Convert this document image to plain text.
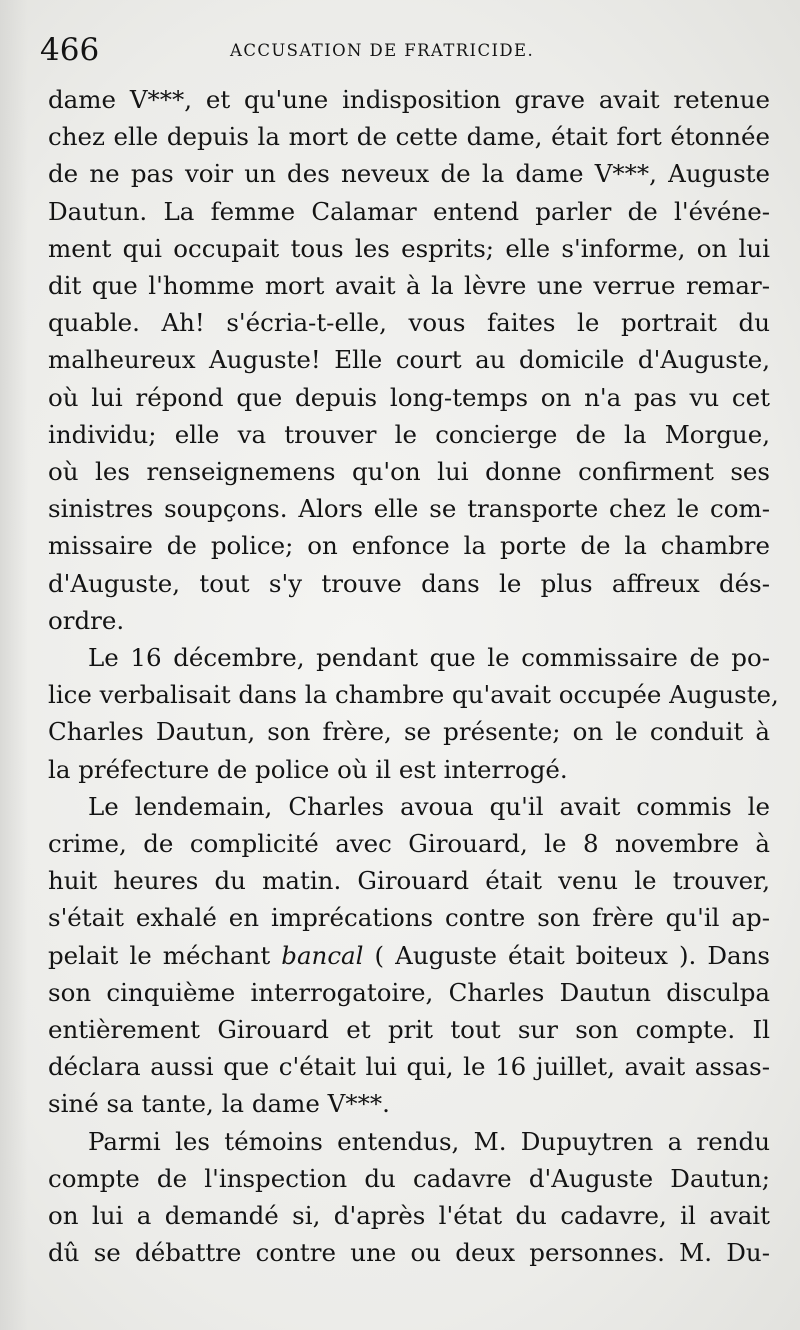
466	ACCUSATION DE FRATRICIDE.
dame V***, et qu'une indisposition grave avait retenue
chez elle depuis la mort de cette dame, était fort étonnée
de ne pas voir un des neveux de la dame V***, Auguste
Dautun. La femme Calamar entend parler de l'événe-
ment qui occupait tous les esprits; elle s'informe, on lui
dit que l'homme mort avait à la lèvre une verrue remar-
quable. Ah! s'écria-t-elle, vous faites le portrait du
malheureux Auguste! Elle court au domicile d'Auguste,
où lui répond que depuis long-temps on n'a pas vu cet
individu; elle va trouver le concierge de la Morgue,
où les renseignemens qu'on lui donne confirment ses
sinistres soupçons. Alors elle se transporte chez le com-
missaire de police; on enfonce la porte de la chambre
d'Auguste, tout s'y trouve dans le plus affreux dés-
ordre.
Le 16 décembre, pendant que le commissaire de po-
lice verbalisait dans la chambre qu'avait occupée Auguste,
Charles Dautun, son frère, se présente; on le conduit à
la préfecture de police où il est interrogé.
Le lendemain, Charles avoua qu'il avait commis le
crime, de complicité avec Girouard, le 8 novembre à
huit heures du matin. Girouard était venu le trouver,
s'était exhalé en imprécations contre son frère qu'il ap-
pelait le méchant bancal ( Auguste était boiteux ). Dans
son cinquième interrogatoire, Charles Dautun disculpa
entièrement Girouard et prit tout sur son compte. Il
déclara aussi que c'était lui qui, le 16 juillet, avait assas-
siné sa tante, la dame V***.
Parmi les témoins entendus, M. Dupuytren a rendu
compte de l'inspection du cadavre d'Auguste Dautun;
on lui a demandé si, d'après l'état du cadavre, il avait
dû se débattre contre une ou deux personnes. M. Du-
